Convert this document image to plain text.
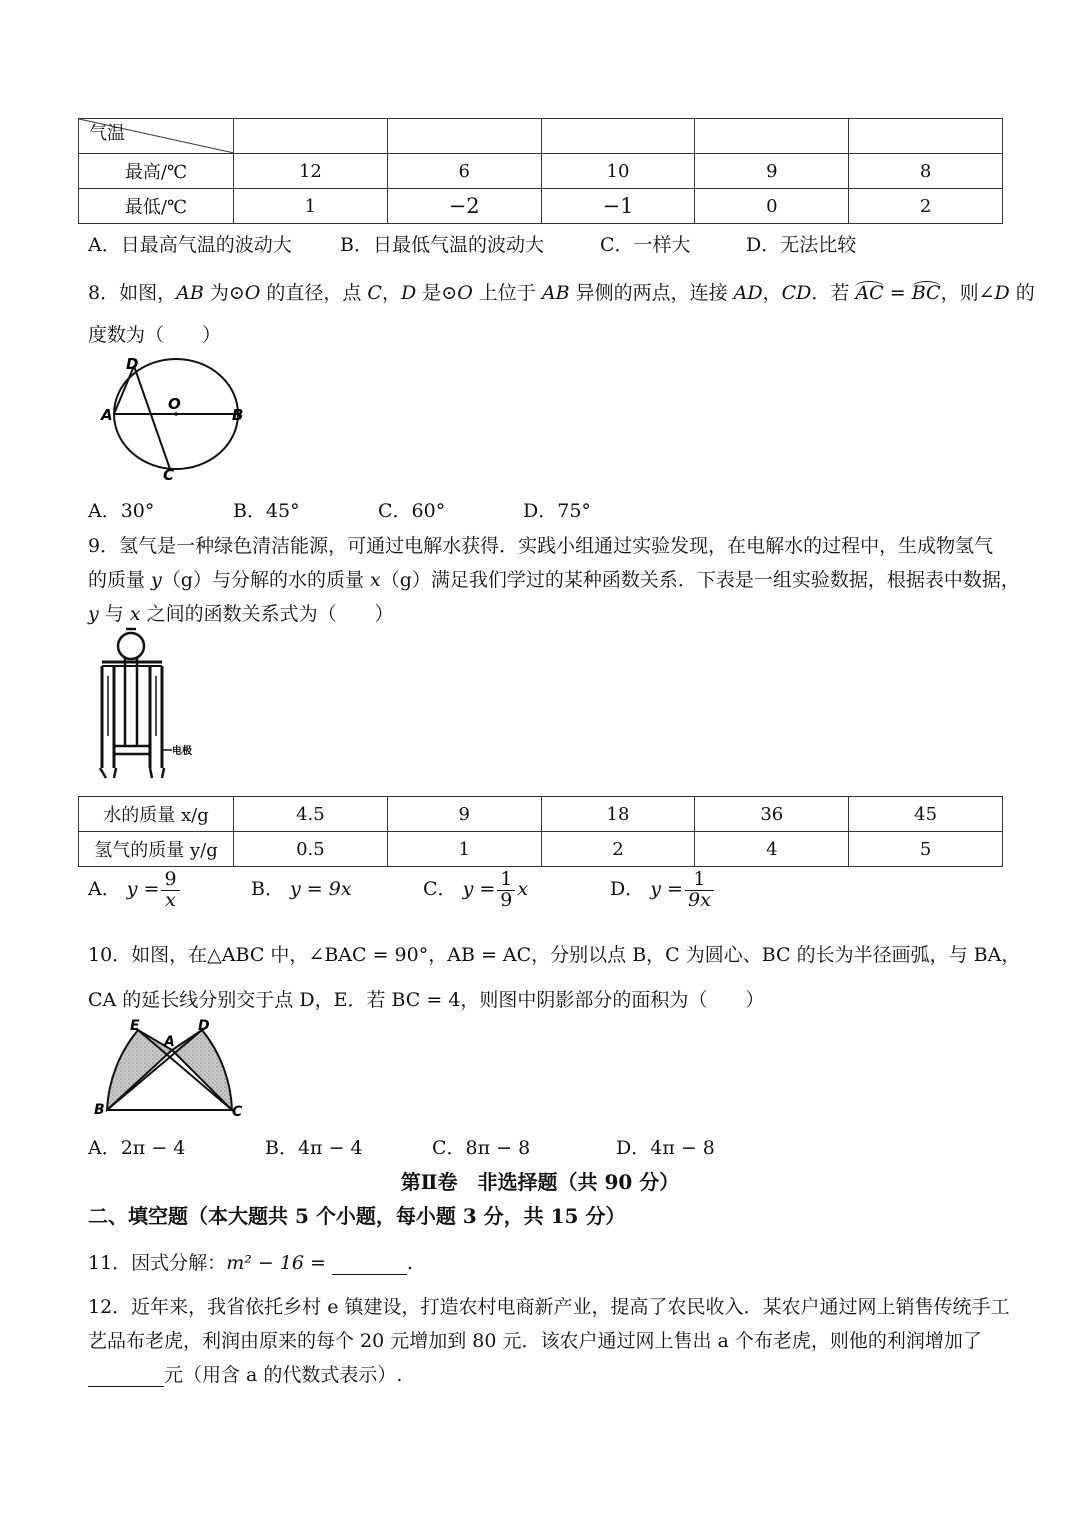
气温					
最高/℃	12	6	10	9	8
最低/℃	1	−2	−1	0	2
A．日最高气温的波动大	B．日最低气温的波动大	C．一样大	D．无法比较
8．如图，AB 为⊙O 的直径，点 C，D 是⊙O 上位于 AB 异侧的两点，连接 AD，CD．若 AC = BC，则∠D 的
度数为（　　）
D
O
A	B
C
A．30°	B．45°	C．60°	D．75°
9．氢气是一种绿色清洁能源，可通过电解水获得．实践小组通过实验发现，在电解水的过程中，生成物氢气
的质量 y（g）与分解的水的质量 x（g）满足我们学过的某种函数关系．下表是一组实验数据，根据表中数据，
y 与 x 之间的函数关系式为（　　）
电极
水的质量 x/g	4.5	9	18	36	45
氢气的质量 y/g	0.5	1	2	4	5
A． $y = \frac{9}{x}$	B． y = 9x	C． $y = \frac{1}{9}$ x	D． $y = \frac{1}{9x}$
10．如图，在△ABC 中，∠BAC = 90°，AB = AC，分别以点 B，C 为圆心、BC 的长为半径画弧，与 BA，
CA 的延长线分别交于点 D，E．若 BC = 4，则图中阴影部分的面积为（　　）
E	D
A
B	C
A．2π − 4	B．4π − 4	C．8π − 8	D．4π − 8
第Ⅱ卷　非选择题（共 90 分）
二、填空题（本大题共 5 个小题，每小题 3 分，共 15 分）
11．因式分解：m² − 16 =	.
12．近年来，我省依托乡村 e 镇建设，打造农村电商新产业，提高了农民收入．某农户通过网上销售传统手工
艺品布老虎，利润由原来的每个 20 元增加到 80 元．该农户通过网上售出 a 个布老虎，则他的利润增加了
元（用含 a 的代数式表示）.
